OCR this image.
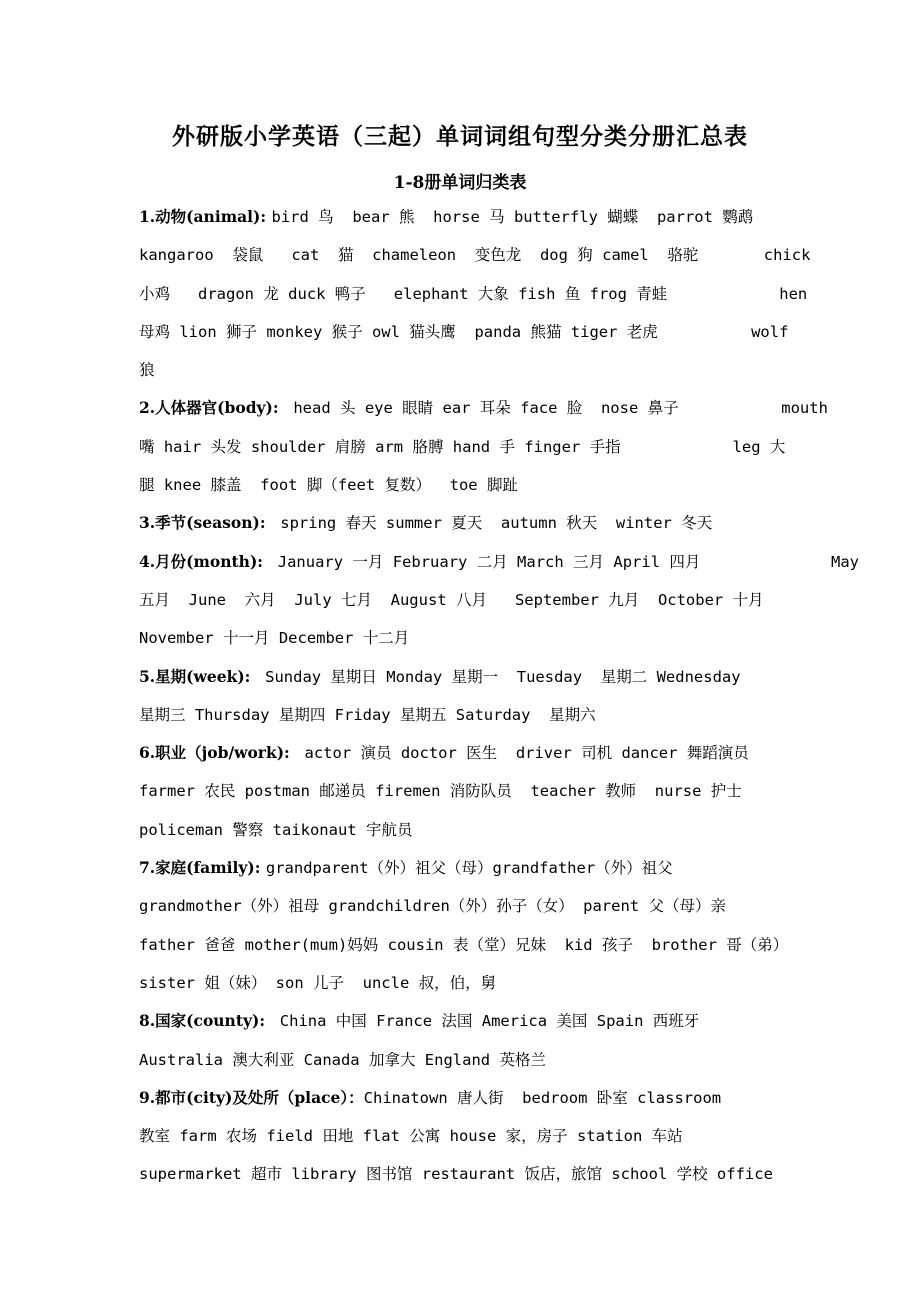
外研版小学英语（三起）单词词组句型分类分册汇总表
1-8册单词归类表
1.动物(animal): bird 鸟  bear 熊  horse 马 butterfly 蝴蝶  parrot 鹦鹉
kangaroo  袋鼠   cat  猫  chameleon  变色龙  dog 狗 camel  骆驼       chick
小鸡   dragon 龙 duck 鸭子   elephant 大象 fish 鱼 frog 青蛙            hen
母鸡 lion 狮子 monkey 猴子 owl 猫头鹰  panda 熊猫 tiger 老虎          wolf
狼
2.人体器官(body):  head 头 eye 眼睛 ear 耳朵 face 脸  nose 鼻子           mouth
嘴 hair 头发 shoulder 肩膀 arm 胳膊 hand 手 finger 手指            leg 大
腿 knee 膝盖  foot 脚（feet 复数）  toe 脚趾
3.季节(season):  spring 春天 summer 夏天  autumn 秋天  winter 冬天
4.月份(month):  January 一月 February 二月 March 三月 April 四月              May
五月  June  六月  July 七月  August 八月   September 九月  October 十月
November 十一月 December 十二月
5.星期(week):  Sunday 星期日 Monday 星期一  Tuesday  星期二 Wednesday
星期三 Thursday 星期四 Friday 星期五 Saturday  星期六
6.职业（job/work):  actor 演员 doctor 医生  driver 司机 dancer 舞蹈演员
farmer 农民 postman 邮递员 firemen 消防队员  teacher 教师  nurse 护士
policeman 警察 taikonaut 宇航员
7.家庭(family): grandparent（外）祖父（母）grandfather（外）祖父
grandmother（外）祖母 grandchildren（外）孙子（女） parent 父（母）亲
father 爸爸 mother(mum)妈妈 cousin 表（堂）兄妹  kid 孩子  brother 哥（弟）
sister 姐（妹） son 儿子  uncle 叔，伯，舅
8.国家(county):  China 中国 France 法国 America 美国 Spain 西班牙
Australia 澳大利亚 Canada 加拿大 England 英格兰
9.都市(city)及处所（place）：Chinatown 唐人街  bedroom 卧室 classroom
教室 farm 农场 field 田地 flat 公寓 house 家，房子 station 车站
supermarket 超市 library 图书馆 restaurant 饭店，旅馆 school 学校 office
